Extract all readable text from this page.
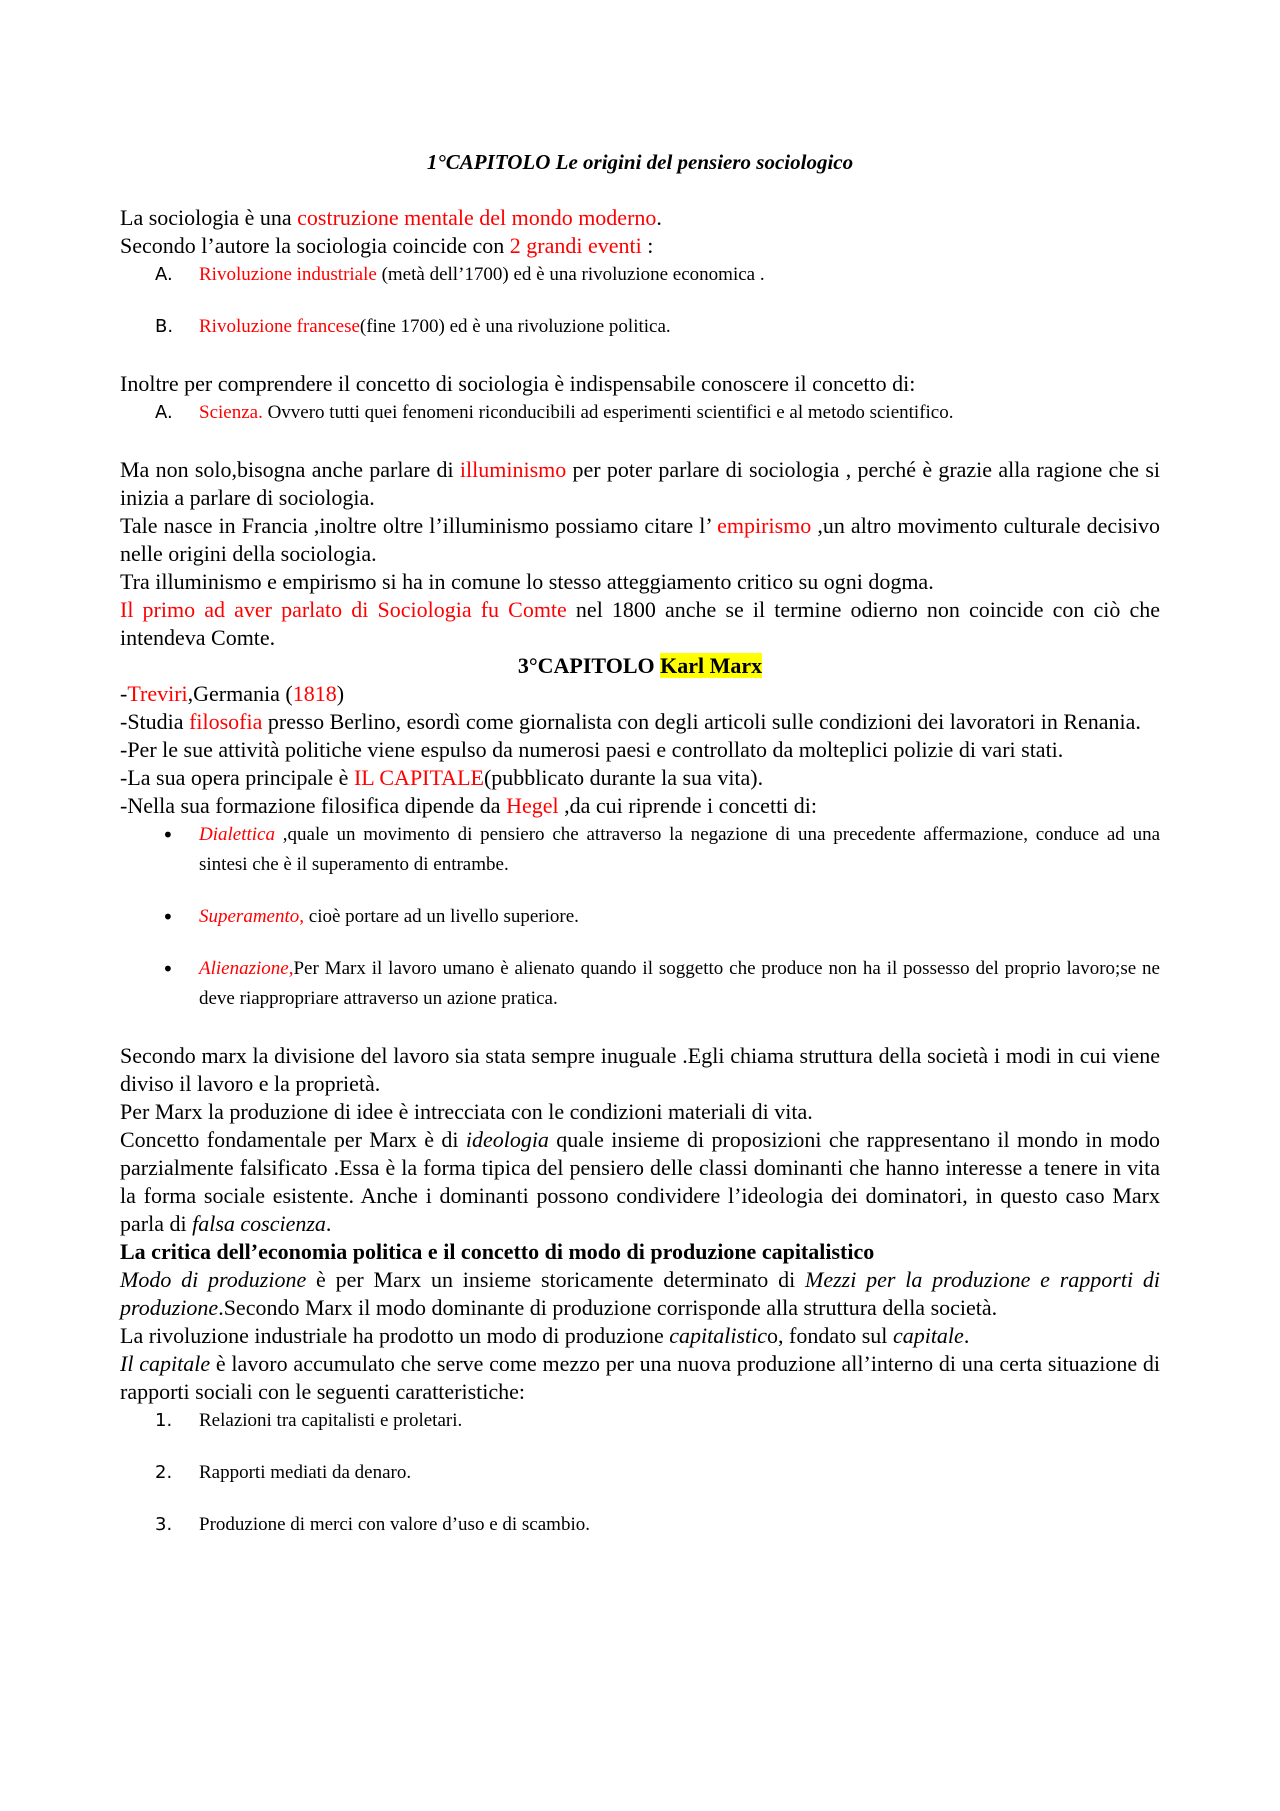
1°CAPITOLO Le origini del pensiero sociologico

La sociologia è una costruzione mentale del mondo moderno.

Secondo l’autore la sociologia coincide con 2 grandi eventi :

A. Rivoluzione industriale (metà dell’1700) ed è una rivoluzione economica .
B. Rivoluzione francese(fine 1700) ed è una rivoluzione politica.

Inoltre per comprendere il concetto di sociologia è indispensabile conoscere il concetto di:

A. Scienza. Ovvero tutti quei fenomeni riconducibili ad esperimenti scientifici e al metodo scientifico.

Ma non solo,bisogna anche parlare di illuminismo per poter parlare di sociologia , perché è grazie alla ragione che si inizia a parlare di sociologia.

Tale nasce in Francia ,inoltre oltre l’illuminismo possiamo citare l’ empirismo ,un altro movimento culturale decisivo nelle origini della sociologia.

Tra illuminismo e empirismo si ha in comune lo stesso atteggiamento critico su ogni dogma.

Il primo ad aver parlato di Sociologia fu Comte nel 1800 anche se il termine odierno non coincide con ciò che intendeva Comte.

3°CAPITOLO Karl Marx

-Treviri,Germania (1818)

-Studia filosofia presso Berlino, esordì come giornalista con degli articoli sulle condizioni dei lavoratori in Renania.

-Per le sue attività politiche viene espulso da numerosi paesi e controllato da molteplici polizie di vari stati.

-La sua opera principale è IL CAPITALE(pubblicato durante la sua vita).

-Nella sua formazione filosifica dipende da Hegel ,da cui riprende i concetti di:

• Dialettica ,quale un movimento di pensiero che attraverso la negazione di una precedente affermazione, conduce ad una sintesi che è il superamento di entrambe.
• Superamento, cioè portare ad un livello superiore.
• Alienazione,Per Marx il lavoro umano è alienato quando il soggetto che produce non ha il possesso del proprio lavoro;se ne deve riappropriare attraverso un azione pratica.

Secondo marx la divisione del lavoro sia stata sempre inuguale .Egli chiama struttura della società i modi in cui viene diviso il lavoro e la proprietà.

Per Marx la produzione di idee è intrecciata con le condizioni materiali di vita.

Concetto fondamentale per Marx è di ideologia quale insieme di proposizioni che rappresentano il mondo in modo parzialmente falsificato .Essa è la forma tipica del pensiero delle classi dominanti che hanno interesse a tenere in vita la forma sociale esistente. Anche i dominanti possono condividere l’ideologia dei dominatori, in questo caso Marx parla di falsa coscienza.

La critica dell’economia politica e il concetto di modo di produzione capitalistico

Modo di produzione è per Marx un insieme storicamente determinato di Mezzi per la produzione e rapporti di produzione.Secondo Marx il modo dominante di produzione corrisponde alla struttura della società.

La rivoluzione industriale ha prodotto un modo di produzione capitalistico, fondato sul capitale.

Il capitale è lavoro accumulato che serve come mezzo per una nuova produzione all’interno di una certa situazione di rapporti sociali con le seguenti caratteristiche:

1. Relazioni tra capitalisti e proletari.
2. Rapporti mediati da denaro.
3. Produzione di merci con valore d’uso e di scambio.
